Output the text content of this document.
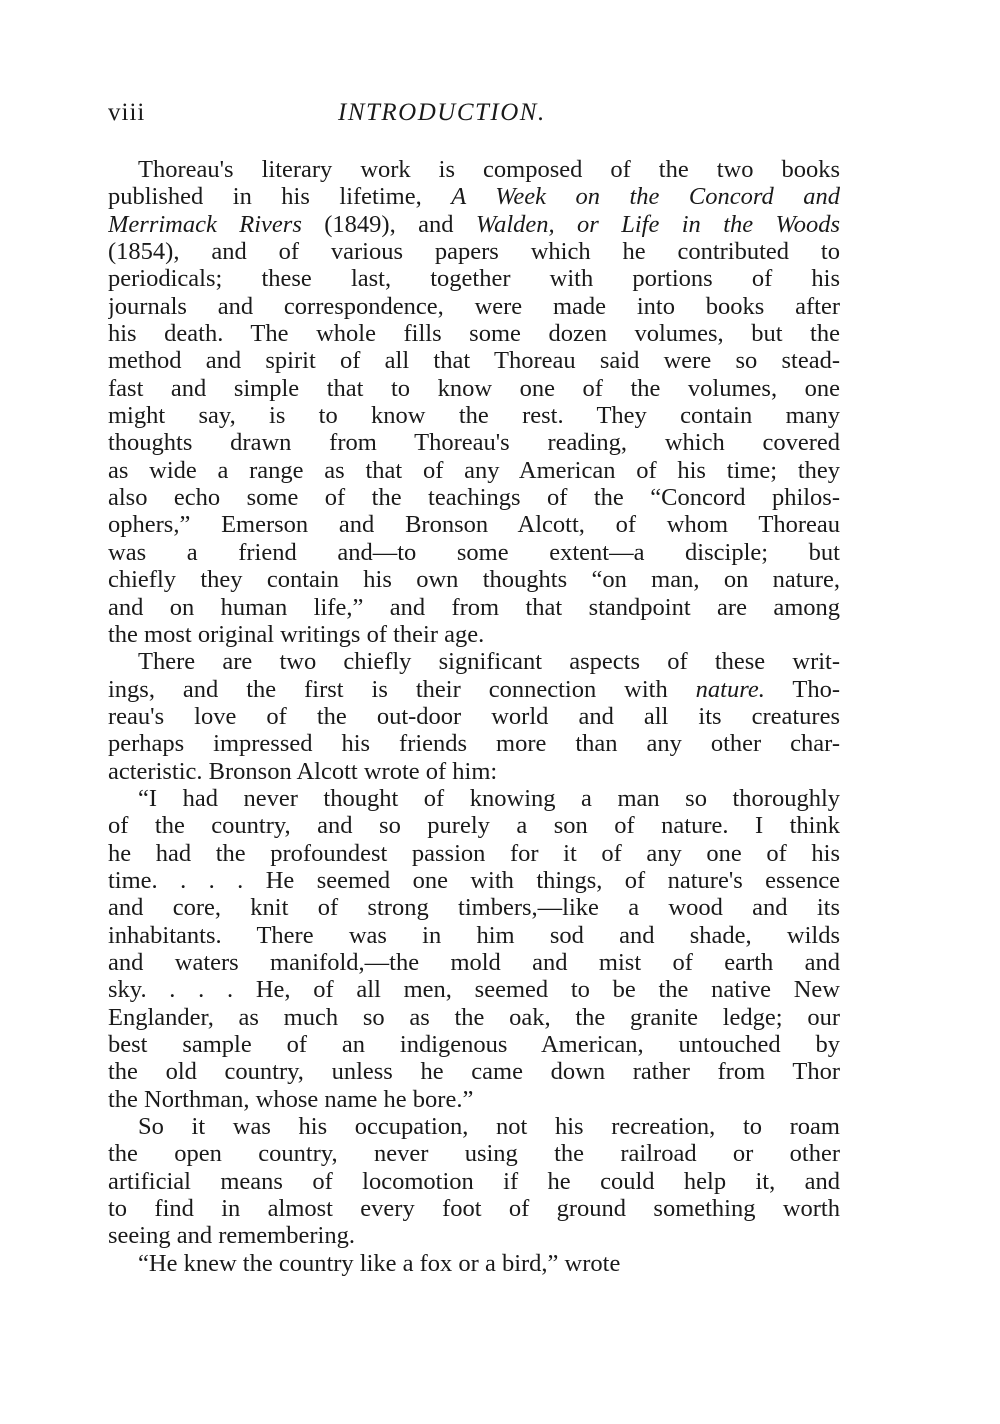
viii	INTRODUCTION.
Thoreau's literary work is composed of the two books
published in his lifetime, A Week on the Concord and
Merrimack Rivers (1849), and Walden, or Life in the Woods
(1854), and of various papers which he contributed to
periodicals; these last, together with portions of his
journals and correspondence, were made into books after
his death. The whole fills some dozen volumes, but the
method and spirit of all that Thoreau said were so stead-
fast and simple that to know one of the volumes, one
might say, is to know the rest. They contain many
thoughts drawn from Thoreau's reading, which covered
as wide a range as that of any American of his time; they
also echo some of the teachings of the “Concord philos-
ophers,” Emerson and Bronson Alcott, of whom Thoreau
was a friend and—to some extent—a disciple; but
chiefly they contain his own thoughts “on man, on nature,
and on human life,” and from that standpoint are among
the most original writings of their age.
There are two chiefly significant aspects of these writ-
ings, and the first is their connection with nature. Tho-
reau's love of the out-door world and all its creatures
perhaps impressed his friends more than any other char-
acteristic. Bronson Alcott wrote of him:
“I had never thought of knowing a man so thoroughly
of the country, and so purely a son of nature. I think
he had the profoundest passion for it of any one of his
time. . . . He seemed one with things, of nature's essence
and core, knit of strong timbers,—like a wood and its
inhabitants. There was in him sod and shade, wilds
and waters manifold,—the mold and mist of earth and
sky. . . . He, of all men, seemed to be the native New
Englander, as much so as the oak, the granite ledge; our
best sample of an indigenous American, untouched by
the old country, unless he came down rather from Thor
the Northman, whose name he bore.”
So it was his occupation, not his recreation, to roam
the open country, never using the railroad or other
artificial means of locomotion if he could help it, and
to find in almost every foot of ground something worth
seeing and remembering.
“He knew the country like a fox or a bird,” wrote
